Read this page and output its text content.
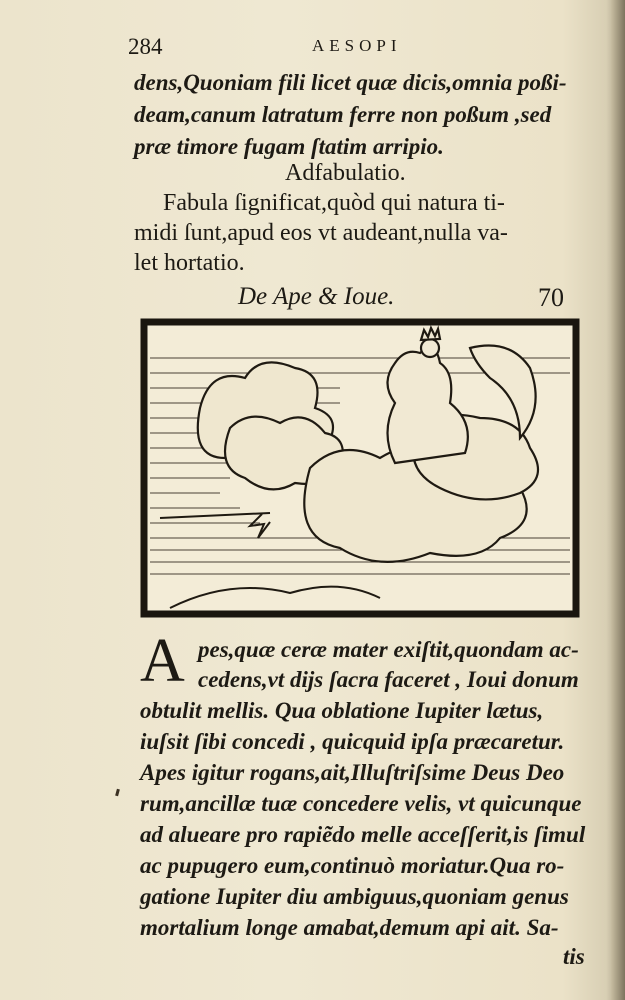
284	AESOPI
dens,Quoniam fili licet quæ dicis,omnia poßi-
deam,canum latratum ferre non poßum ,sed
præ timore fugam ſtatim arripio.
Adfabulatio.
Fabula ſignificat,quòd qui natura ti-
midi ſunt,apud eos vt audeant,nulla va-
let hortatio.
De Ape & Ioue.	70
A pes,quæ ceræ mater exiſtit,quondam ac-
cedens,vt dijs ſacra faceret , Ioui donum
obtulit mellis. Qua oblatione Iupiter lætus,
iuſsit ſibi concedi , quicquid ipſa præcaretur.
Apes igitur rogans,ait,Illuſtriſsime Deus Deo
rum,ancillæ tuæ concedere velis, vt quicunque
ad alueare pro rapiẽdo melle acceſſerit,is ſimul
ac pupugero eum,continuò moriatur.Qua ro-
gatione Iupiter diu ambiguus,quoniam genus
mortalium longe amabat,demum api ait. Sa-
tis
